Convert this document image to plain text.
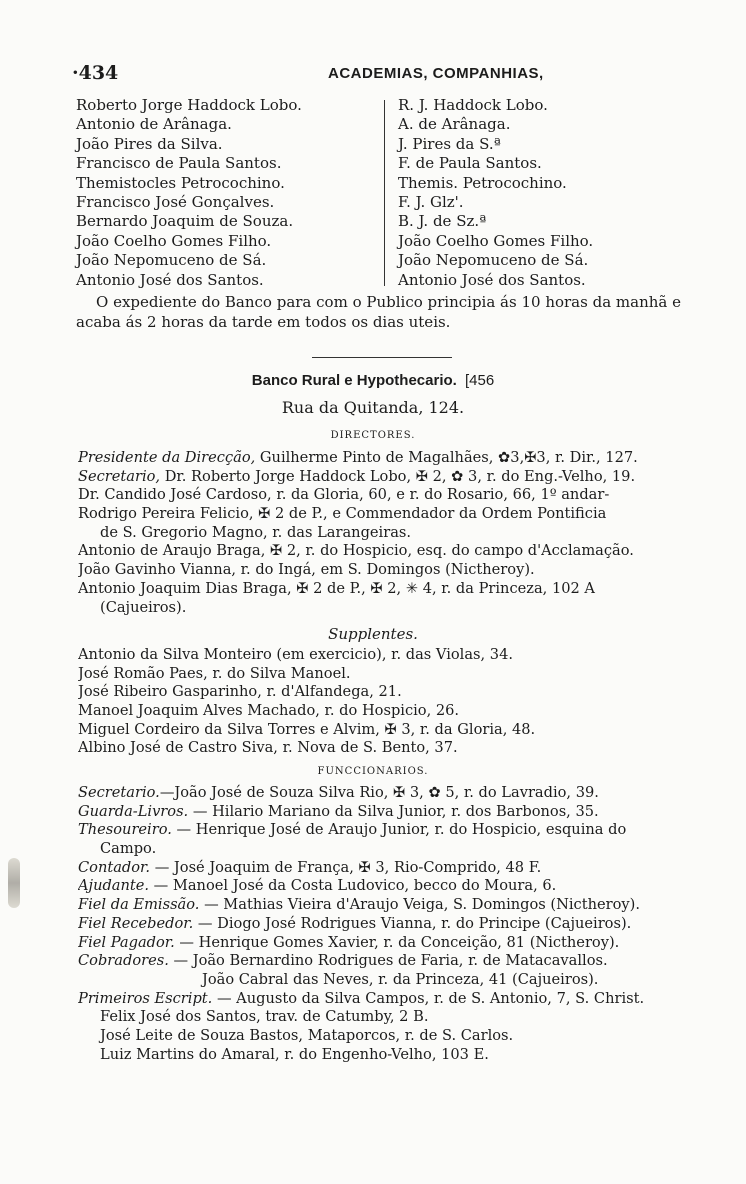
·434	ACADEMIAS, COMPANHIAS,
Roberto Jorge Haddock Lobo.
Antonio de Arânaga.
João Pires da Silva.
Francisco de Paula Santos.
Themistocles Petrocochino.
Francisco José Gonçalves.
Bernardo Joaquim de Souza.
João Coelho Gomes Filho.
João Nepomuceno de Sá.
Antonio José dos Santos.
R. J. Haddock Lobo.
A. de Arânaga.
J. Pires da S.ª
F. de Paula Santos.
Themis. Petrocochino.
F. J. Glz'.
B. J. de Sz.ª
João Coelho Gomes Filho.
João Nepomuceno de Sá.
Antonio José dos Santos.

O expediente do Banco para com o Publico principia ás 10 horas da manhã e acaba ás 2 horas da tarde em todos os dias uteis.

Banco Rural e Hypothecario. [456
Rua da Quitanda, 124.
DIRECTORES.
Presidente da Direcção, Guilherme Pinto de Magalhães, ✿3,✠3, r. Dir., 127.
Secretario, Dr. Roberto Jorge Haddock Lobo, ✠ 2, ✿ 3, r. do Eng.-Velho, 19.
Dr. Candido José Cardoso, r. da Gloria, 60, e r. do Rosario, 66, 1º andar-
Rodrigo Pereira Felicio, ✠ 2 de P., e Commendador da Ordem Pontificia
de S. Gregorio Magno, r. das Larangeiras.
Antonio de Araujo Braga, ✠ 2, r. do Hospicio, esq. do campo d'Acclamação.
João Gavinho Vianna, r. do Ingá, em S. Domingos (Nictheroy).
Antonio Joaquim Dias Braga, ✠ 2 de P., ✠ 2, ✳ 4, r. da Princeza, 102 A
(Cajueiros).
Supplentes.
Antonio da Silva Monteiro (em exercicio), r. das Violas, 34.
José Romão Paes, r. do Silva Manoel.
José Ribeiro Gasparinho, r. d'Alfandega, 21.
Manoel Joaquim Alves Machado, r. do Hospicio, 26.
Miguel Cordeiro da Silva Torres e Alvim, ✠ 3, r. da Gloria, 48.
Albino José de Castro Siva, r. Nova de S. Bento, 37.
FUNCCIONARIOS.
Secretario.—João José de Souza Silva Rio, ✠ 3, ✿ 5, r. do Lavradio, 39.
Guarda-Livros. — Hilario Mariano da Silva Junior, r. dos Barbonos, 35.
Thesoureiro. — Henrique José de Araujo Junior, r. do Hospicio, esquina do
Campo.
Contador. — José Joaquim de França, ✠ 3, Rio-Comprido, 48 F.
Ajudante. — Manoel José da Costa Ludovico, becco do Moura, 6.
Fiel da Emissão. — Mathias Vieira d'Araujo Veiga, S. Domingos (Nictheroy).
Fiel Recebedor. — Diogo José Rodrigues Vianna, r. do Principe (Cajueiros).
Fiel Pagador. — Henrique Gomes Xavier, r. da Conceição, 81 (Nictheroy).
Cobradores. — João Bernardino Rodrigues de Faria, r. de Matacavallos.
João Cabral das Neves, r. da Princeza, 41 (Cajueiros).
Primeiros Escript. — Augusto da Silva Campos, r. de S. Antonio, 7, S. Christ.
Felix José dos Santos, trav. de Catumby, 2 B.
José Leite de Souza Bastos, Mataporcos, r. de S. Carlos.
Luiz Martins do Amaral, r. do Engenho-Velho, 103 E.
